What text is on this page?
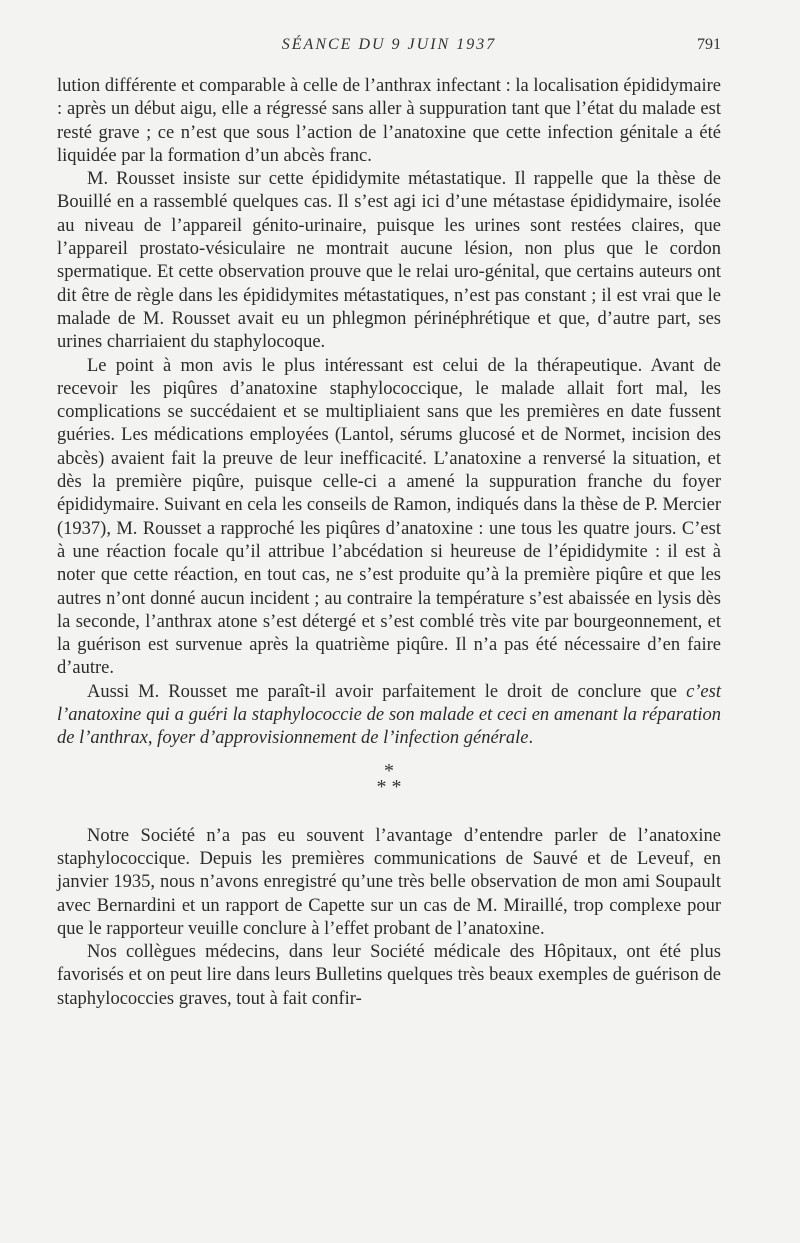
SÉANCE DU 9 JUIN 1937	791

lution différente et comparable à celle de l’anthrax infectant : la localisation épididymaire : après un début aigu, elle a régressé sans aller à suppuration tant que l’état du malade est resté grave ; ce n’est que sous l’action de l’anatoxine que cette infection génitale a été liquidée par la formation d’un abcès franc.

M. Rousset insiste sur cette épididymite métastatique. Il rappelle que la thèse de Bouillé en a rassemblé quelques cas. Il s’est agi ici d’une métastase épididymaire, isolée au niveau de l’appareil génito-urinaire, puisque les urines sont restées claires, que l’appareil prostato-vésiculaire ne montrait aucune lésion, non plus que le cordon spermatique. Et cette observation prouve que le relai uro-génital, que certains auteurs ont dit être de règle dans les épididymites métastatiques, n’est pas constant ; il est vrai que le malade de M. Rousset avait eu un phlegmon périnéphrétique et que, d’autre part, ses urines charriaient du staphylocoque.

Le point à mon avis le plus intéressant est celui de la thérapeutique. Avant de recevoir les piqûres d’anatoxine staphylococcique, le malade allait fort mal, les complications se succédaient et se multipliaient sans que les premières en date fussent guéries. Les médications employées (Lantol, sérums glucosé et de Normet, incision des abcès) avaient fait la preuve de leur inefficacité. L’anatoxine a renversé la situation, et dès la première piqûre, puisque celle-ci a amené la suppuration franche du foyer épididymaire. Suivant en cela les conseils de Ramon, indiqués dans la thèse de P. Mercier (1937), M. Rousset a rapproché les piqûres d’anatoxine : une tous les quatre jours. C’est à une réaction focale qu’il attribue l’abcédation si heureuse de l’épididymite : il est à noter que cette réaction, en tout cas, ne s’est produite qu’à la première piqûre et que les autres n’ont donné aucun incident ; au contraire la température s’est abaissée en lysis dès la seconde, l’anthrax atone s’est détergé et s’est comblé très vite par bourgeonnement, et la guérison est survenue après la quatrième piqûre. Il n’a pas été nécessaire d’en faire d’autre.

Aussi M. Rousset me paraît-il avoir parfaitement le droit de conclure que c’est l’anatoxine qui a guéri la staphylococcie de son malade et ceci en amenant la réparation de l’anthrax, foyer d’approvisionnement de l’infection générale.

*
* *

Notre Société n’a pas eu souvent l’avantage d’entendre parler de l’anatoxine staphylococcique. Depuis les premières communications de Sauvé et de Leveuf, en janvier 1935, nous n’avons enregistré qu’une très belle observation de mon ami Soupault avec Bernardini et un rapport de Capette sur un cas de M. Miraillé, trop complexe pour que le rapporteur veuille conclure à l’effet probant de l’anatoxine.

Nos collègues médecins, dans leur Société médicale des Hôpitaux, ont été plus favorisés et on peut lire dans leurs Bulletins quelques très beaux exemples de guérison de staphylococcies graves, tout à fait confir-
